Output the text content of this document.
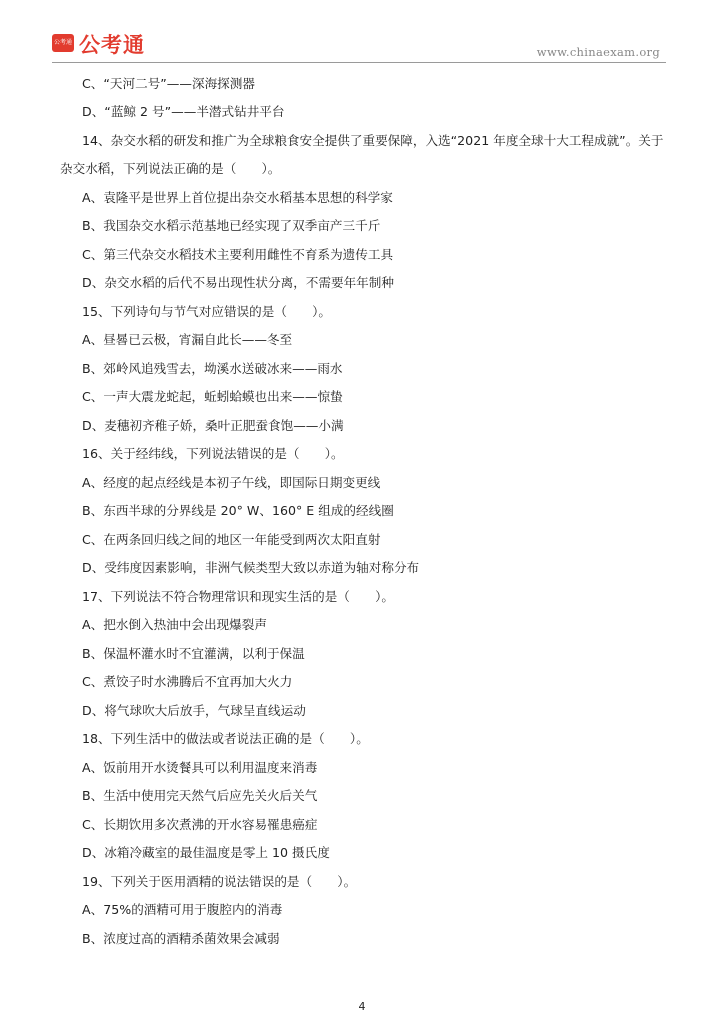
公考通 公考通	www.chinaexam.org
C、“天河二号”——深海探测器
D、“蓝鲸 2 号”——半潜式钻井平台
14、杂交水稻的研发和推广为全球粮食安全提供了重要保障，入选“2021 年度全球十大工程成就”。关于
杂交水稻，下列说法正确的是（　　）。
A、袁隆平是世界上首位提出杂交水稻基本思想的科学家
B、我国杂交水稻示范基地已经实现了双季亩产三千斤
C、第三代杂交水稻技术主要利用雌性不育系为遗传工具
D、杂交水稻的后代不易出现性状分离，不需要年年制种
15、下列诗句与节气对应错误的是（　　）。
A、昼晷已云极，宵漏自此长——冬至
B、郊岭风追残雪去，坳溪水送破冰来——雨水
C、一声大震龙蛇起，蚯蚓蛤蟆也出来——惊蛰
D、麦穗初齐稚子娇，桑叶正肥蚕食饱——小满
16、关于经纬线，下列说法错误的是（　　）。
A、经度的起点经线是本初子午线，即国际日期变更线
B、东西半球的分界线是 20° W、160° E 组成的经线圈
C、在两条回归线之间的地区一年能受到两次太阳直射
D、受纬度因素影响，非洲气候类型大致以赤道为轴对称分布
17、下列说法不符合物理常识和现实生活的是（　　）。
A、把水倒入热油中会出现爆裂声
B、保温杯灌水时不宜灌满，以利于保温
C、煮饺子时水沸腾后不宜再加大火力
D、将气球吹大后放手，气球呈直线运动
18、下列生活中的做法或者说法正确的是（　　）。
A、饭前用开水烫餐具可以利用温度来消毒
B、生活中使用完天然气后应先关火后关气
C、长期饮用多次煮沸的开水容易罹患癌症
D、冰箱冷藏室的最佳温度是零上 10 摄氏度
19、下列关于医用酒精的说法错误的是（　　）。
A、75%的酒精可用于腹腔内的消毒
B、浓度过高的酒精杀菌效果会减弱
4
